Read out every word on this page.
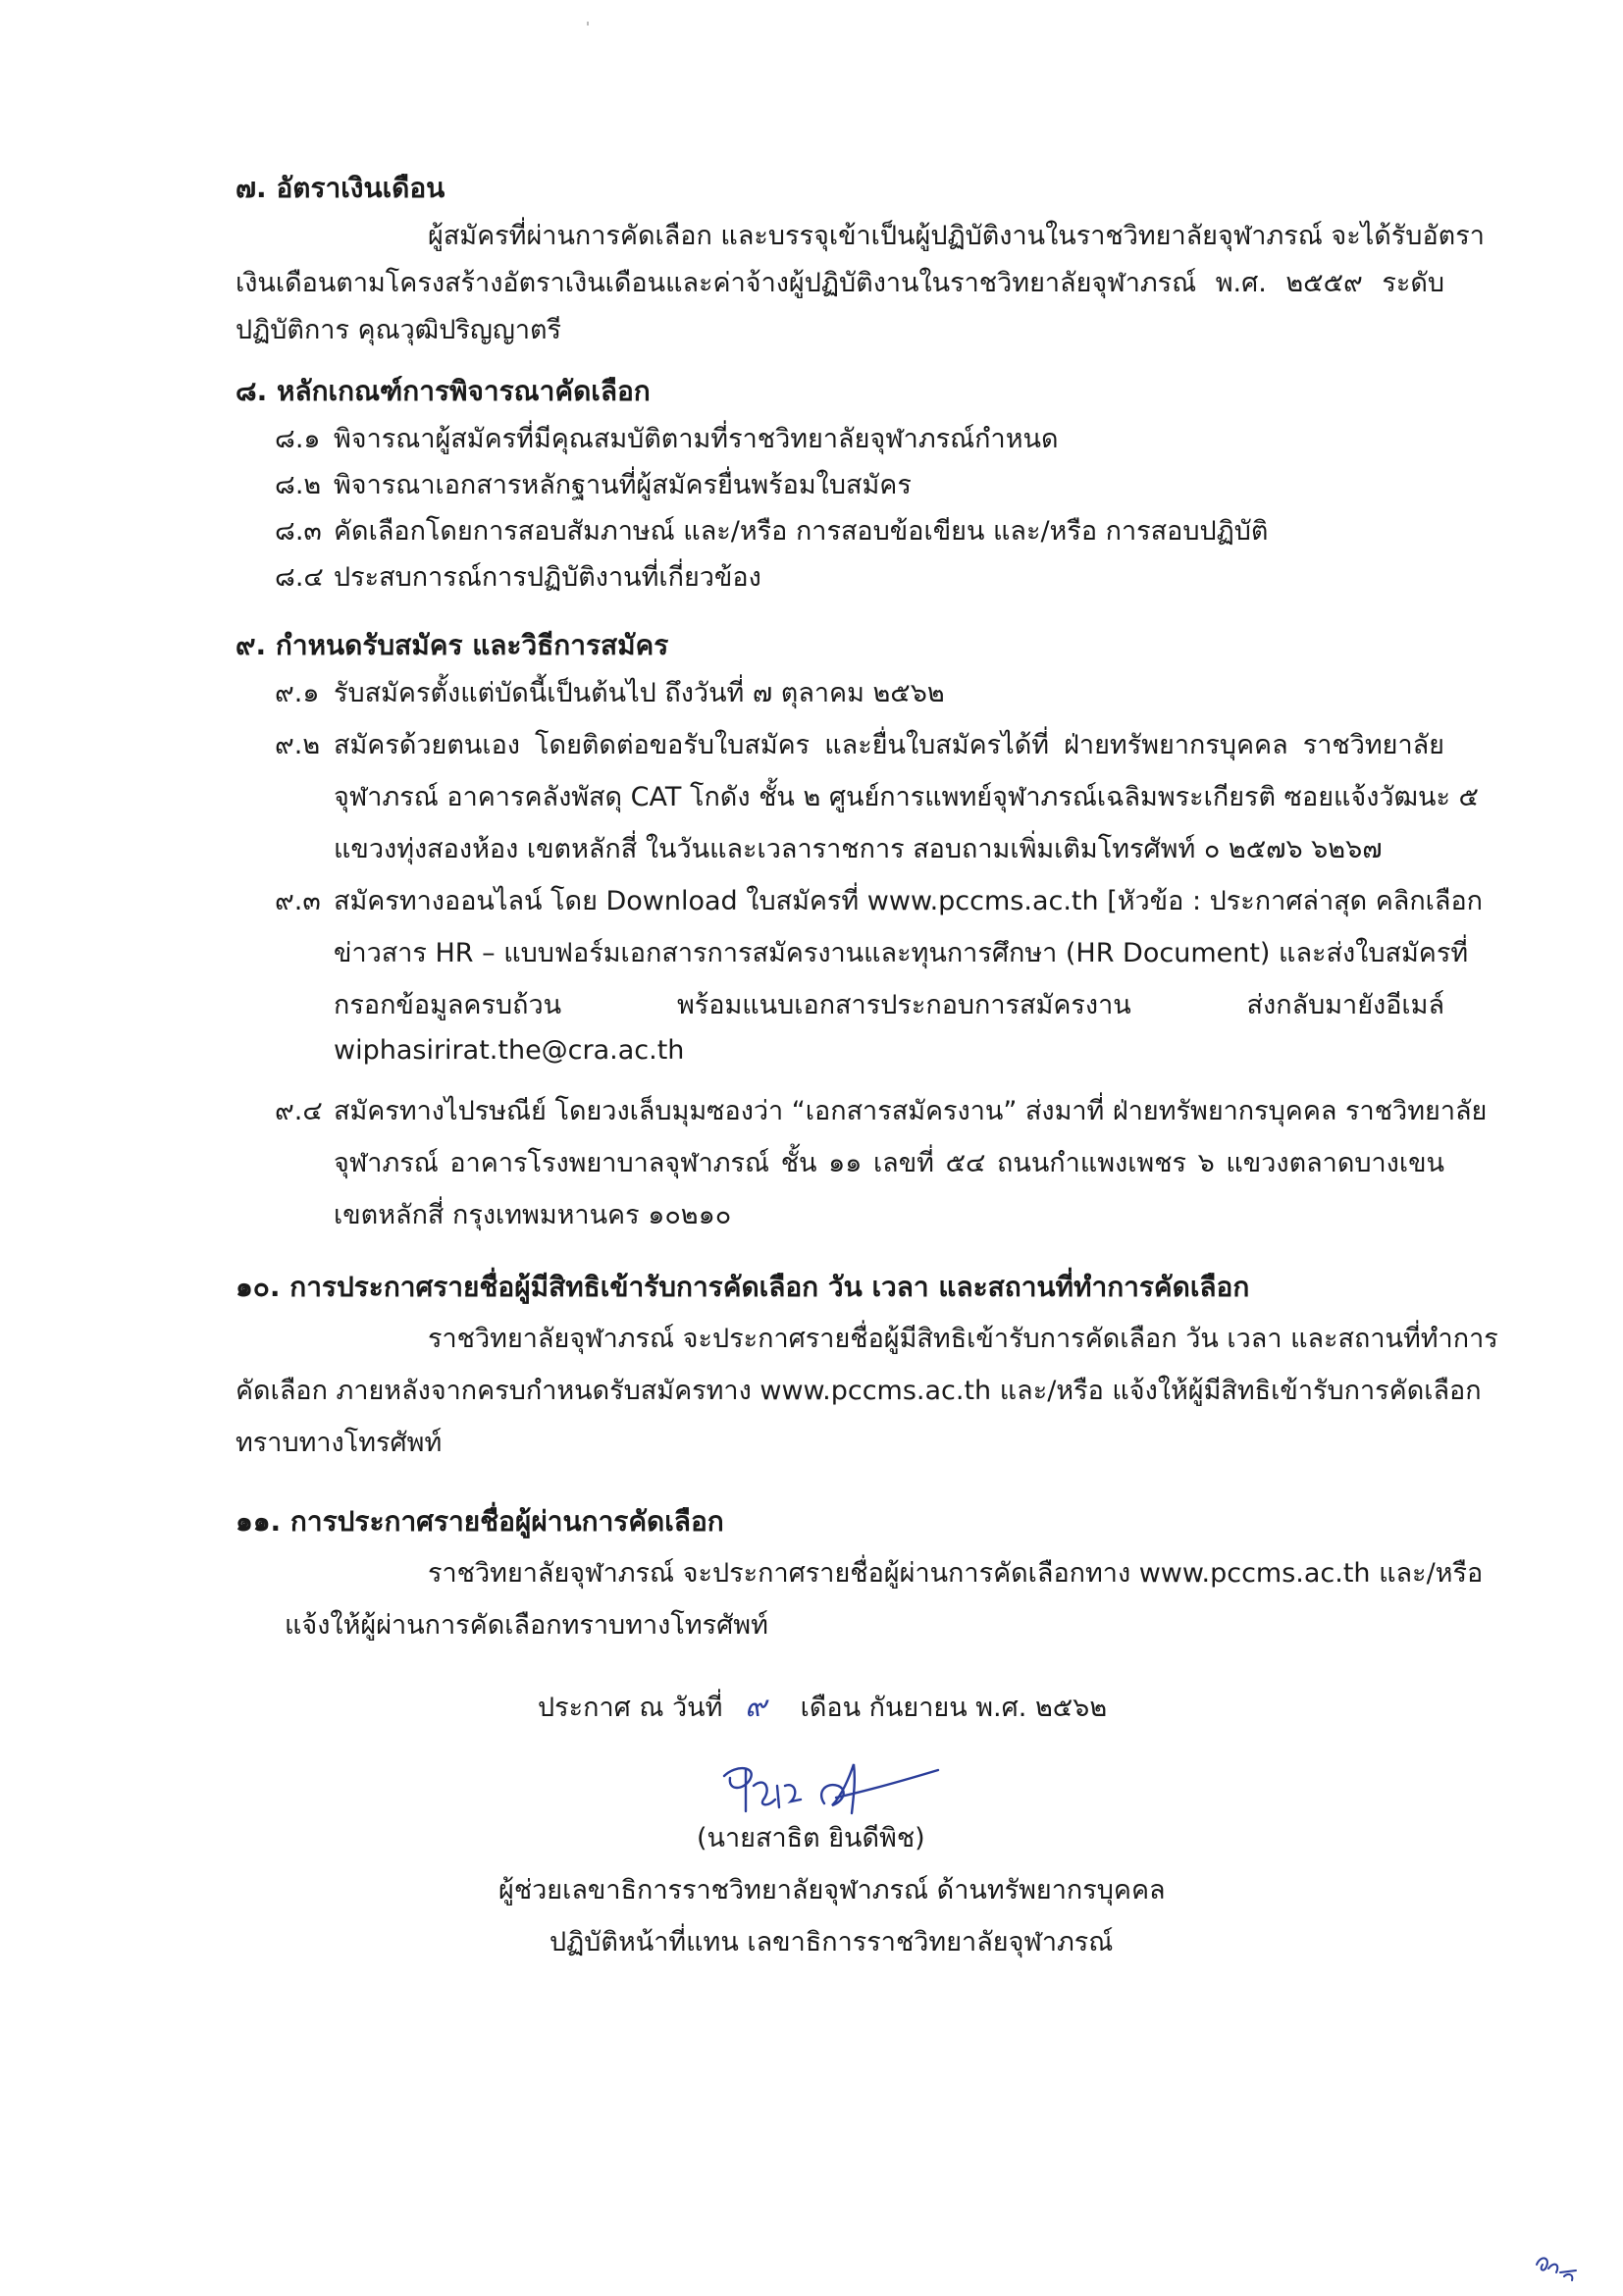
๗. อัตราเงินเดือน
ผู้สมัครที่ผ่านการคัดเลือก และบรรจุเข้าเป็นผู้ปฏิบัติงานในราชวิทยาลัยจุฬาภรณ์ จะได้รับอัตรา
เงินเดือนตามโครงสร้างอัตราเงินเดือนและค่าจ้างผู้ปฏิบัติงานในราชวิทยาลัยจุฬาภรณ์ พ.ศ. ๒๕๕๙ ระดับ
ปฏิบัติการ คุณวุฒิปริญญาตรี
๘. หลักเกณฑ์การพิจารณาคัดเลือก
๘.๑ พิจารณาผู้สมัครที่มีคุณสมบัติตามที่ราชวิทยาลัยจุฬาภรณ์กำหนด
๘.๒ พิจารณาเอกสารหลักฐานที่ผู้สมัครยื่นพร้อมใบสมัคร
๘.๓ คัดเลือกโดยการสอบสัมภาษณ์ และ/หรือ การสอบข้อเขียน และ/หรือ การสอบปฏิบัติ
๘.๔ ประสบการณ์การปฏิบัติงานที่เกี่ยวข้อง
๙. กำหนดรับสมัคร และวิธีการสมัคร
๙.๑ รับสมัครตั้งแต่บัดนี้เป็นต้นไป ถึงวันที่ ๗ ตุลาคม ๒๕๖๒
๙.๒ สมัครด้วยตนเอง โดยติดต่อขอรับใบสมัคร และยื่นใบสมัครได้ที่ ฝ่ายทรัพยากรบุคคล ราชวิทยาลัย
จุฬาภรณ์ อาคารคลังพัสดุ CAT โกดัง ชั้น ๒ ศูนย์การแพทย์จุฬาภรณ์เฉลิมพระเกียรติ ซอยแจ้งวัฒนะ ๕
แขวงทุ่งสองห้อง เขตหลักสี่ ในวันและเวลาราชการ สอบถามเพิ่มเติมโทรศัพท์ ๐ ๒๕๗๖ ๖๒๖๗
๙.๓ สมัครทางออนไลน์ โดย Download ใบสมัครที่ www.pccms.ac.th [หัวข้อ : ประกาศล่าสุด คลิกเลือก
ข่าวสาร HR – แบบฟอร์มเอกสารการสมัครงานและทุนการศึกษา (HR Document) และส่งใบสมัครที่
กรอกข้อมูลครบถ้วน พร้อมแนบเอกสารประกอบการสมัครงาน ส่งกลับมายังอีเมล์
wiphasirirat.the@cra.ac.th
๙.๔ สมัครทางไปรษณีย์ โดยวงเล็บมุมซองว่า “เอกสารสมัครงาน” ส่งมาที่ ฝ่ายทรัพยากรบุคคล ราชวิทยาลัย
จุฬาภรณ์ อาคารโรงพยาบาลจุฬาภรณ์ ชั้น ๑๑ เลขที่ ๕๔ ถนนกำแพงเพชร ๖ แขวงตลาดบางเขน
เขตหลักสี่ กรุงเทพมหานคร ๑๐๒๑๐
๑๐. การประกาศรายชื่อผู้มีสิทธิเข้ารับการคัดเลือก วัน เวลา และสถานที่ทำการคัดเลือก
ราชวิทยาลัยจุฬาภรณ์ จะประกาศรายชื่อผู้มีสิทธิเข้ารับการคัดเลือก วัน เวลา และสถานที่ทำการ
คัดเลือก ภายหลังจากครบกำหนดรับสมัครทาง www.pccms.ac.th และ/หรือ แจ้งให้ผู้มีสิทธิเข้ารับการคัดเลือก
ทราบทางโทรศัพท์
๑๑. การประกาศรายชื่อผู้ผ่านการคัดเลือก
ราชวิทยาลัยจุฬาภรณ์ จะประกาศรายชื่อผู้ผ่านการคัดเลือกทาง www.pccms.ac.th และ/หรือ
แจ้งให้ผู้ผ่านการคัดเลือกทราบทางโทรศัพท์
ประกาศ ณ วันที่ ๙ เดือน กันยายน พ.ศ. ๒๕๖๒
(นายสาธิต ยินดีพิช)
ผู้ช่วยเลขาธิการราชวิทยาลัยจุฬาภรณ์ ด้านทรัพยากรบุคคล
ปฏิบัติหน้าที่แทน เลขาธิการราชวิทยาลัยจุฬาภรณ์
